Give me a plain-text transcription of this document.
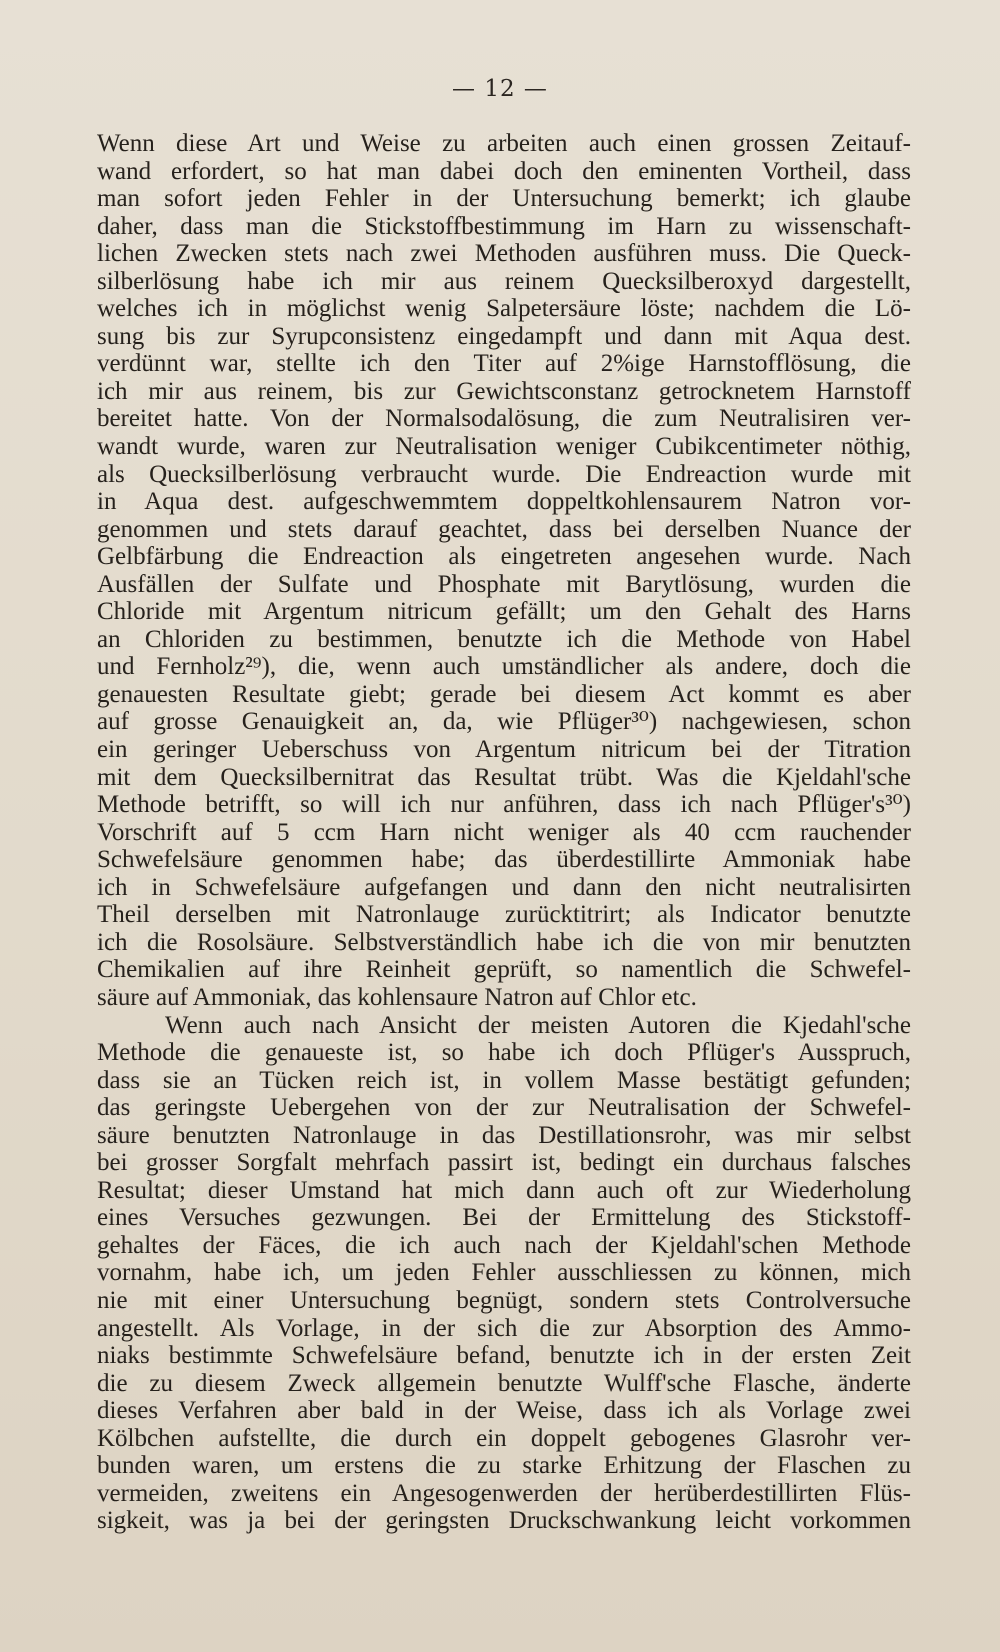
— 12 —
Wenn diese Art und Weise zu arbeiten auch einen grossen Zeitauf-
wand erfordert, so hat man dabei doch den eminenten Vortheil, dass
man sofort jeden Fehler in der Untersuchung bemerkt; ich glaube
daher, dass man die Stickstoffbestimmung im Harn zu wissenschaft-
lichen Zwecken stets nach zwei Methoden ausführen muss. Die Queck-
silberlösung habe ich mir aus reinem Quecksilberoxyd dargestellt,
welches ich in möglichst wenig Salpetersäure löste; nachdem die Lö-
sung bis zur Syrupconsistenz eingedampft und dann mit Aqua dest.
verdünnt war, stellte ich den Titer auf 2%ige Harnstofflösung, die
ich mir aus reinem, bis zur Gewichtsconstanz getrocknetem Harnstoff
bereitet hatte. Von der Normalsodalösung, die zum Neutralisiren ver-
wandt wurde, waren zur Neutralisation weniger Cubikcentimeter nöthig,
als Quecksilberlösung verbraucht wurde. Die Endreaction wurde mit
in Aqua dest. aufgeschwemmtem doppeltkohlensaurem Natron vor-
genommen und stets darauf geachtet, dass bei derselben Nuance der
Gelbfärbung die Endreaction als eingetreten angesehen wurde. Nach
Ausfällen der Sulfate und Phosphate mit Barytlösung, wurden die
Chloride mit Argentum nitricum gefällt; um den Gehalt des Harns
an Chloriden zu bestimmen, benutzte ich die Methode von Habel
und Fernholz²⁹), die, wenn auch umständlicher als andere, doch die
genauesten Resultate giebt; gerade bei diesem Act kommt es aber
auf grosse Genauigkeit an, da, wie Pflüger³⁰) nachgewiesen, schon
ein geringer Ueberschuss von Argentum nitricum bei der Titration
mit dem Quecksilbernitrat das Resultat trübt. Was die Kjeldahl'sche
Methode betrifft, so will ich nur anführen, dass ich nach Pflüger's³⁰)
Vorschrift auf 5 ccm Harn nicht weniger als 40 ccm rauchender
Schwefelsäure genommen habe; das überdestillirte Ammoniak habe
ich in Schwefelsäure aufgefangen und dann den nicht neutralisirten
Theil derselben mit Natronlauge zurücktitrirt; als Indicator benutzte
ich die Rosolsäure. Selbstverständlich habe ich die von mir benutzten
Chemikalien auf ihre Reinheit geprüft, so namentlich die Schwefel-
säure auf Ammoniak, das kohlensaure Natron auf Chlor etc.
Wenn auch nach Ansicht der meisten Autoren die Kjedahl'sche
Methode die genaueste ist, so habe ich doch Pflüger's Ausspruch,
dass sie an Tücken reich ist, in vollem Masse bestätigt gefunden;
das geringste Uebergehen von der zur Neutralisation der Schwefel-
säure benutzten Natronlauge in das Destillationsrohr, was mir selbst
bei grosser Sorgfalt mehrfach passirt ist, bedingt ein durchaus falsches
Resultat; dieser Umstand hat mich dann auch oft zur Wiederholung
eines Versuches gezwungen. Bei der Ermittelung des Stickstoff-
gehaltes der Fäces, die ich auch nach der Kjeldahl'schen Methode
vornahm, habe ich, um jeden Fehler ausschliessen zu können, mich
nie mit einer Untersuchung begnügt, sondern stets Controlversuche
angestellt. Als Vorlage, in der sich die zur Absorption des Ammo-
niaks bestimmte Schwefelsäure befand, benutzte ich in der ersten Zeit
die zu diesem Zweck allgemein benutzte Wulff'sche Flasche, änderte
dieses Verfahren aber bald in der Weise, dass ich als Vorlage zwei
Kölbchen aufstellte, die durch ein doppelt gebogenes Glasrohr ver-
bunden waren, um erstens die zu starke Erhitzung der Flaschen zu
vermeiden, zweitens ein Angesogenwerden der herüberdestillirten Flüs-
sigkeit, was ja bei der geringsten Druckschwankung leicht vorkommen
